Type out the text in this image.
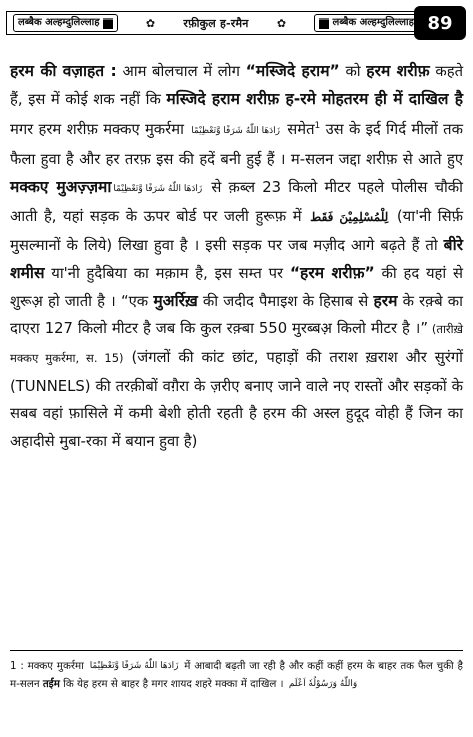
लब्बैक अल्हम्दुलिल्लाह	✿	रफ़ीकुल ह-रमैन	✿	लब्बैक अल्हम्दुलिल्लाह 89

हरम की वज़ाहत : आम बोलचाल में लोग “मस्जिदे हराम” को हरम शरीफ़ कहते हैं, इस में कोई शक नहीं कि मस्जिदे हराम शरीफ़ ह-रमे मोहतरम ही में दाखिल है मगर हरम शरीफ़ मक्कए मुकर्रमा زَادَهَا اللّٰهُ شَرَفًا وَّتَعْظِيْمًا समेत$^1$ उस के इर्द गिर्द मीलों तक फैला हुवा है और हर तरफ़ इस की हदें बनी हुई हैं । म-सलन जद्दा शरीफ़ से आते हुए मक्कए मुअज़्ज़मा زَادَهَا اللّٰهُ شَرَفًا وَّتَعْظِيْمًا से क़ब्ल 23 किलो मीटर पहले पोलीस चौकी आती है, यहां सड़क के ऊपर बोर्ड पर जली हुरूफ़ में لِلْمُسْلِمِيْنَ فَقَط (या'नी सिर्फ़ मुसल्मानों के लिये) लिखा हुवा है । इसी सड़क पर जब मज़ीद आगे बढ़ते हैं तो बीरे शमीस या'नी हुदैबिया का मक़ाम है, इस सम्त पर “हरम शरीफ़” की हद यहां से शुरूअ़ हो जाती है । “एक मुअर्रिख़ की जदीद पैमाइश के हिसाब से हरम के रक़्बे का दाएरा 127 किलो मीटर है जब कि कुल रक़्बा 550 मुरब्बअ़ किलो मीटर है ।” (तारीख़े मक्कए मुकर्रमा, स. 15) (जंगलों की कांट छांट, पहाड़ों की तराश ख़राश और सुरंगों (TUNNELS) की तरक़ीबों वग़ैरा के ज़रीए बनाए जाने वाले नए रास्तों और सड़कों के सबब वहां फ़ासिले में कमी बेशी होती रहती है हरम की अस्ल हुदूद वोही हैं जिन का अहादीसे मुबा-रका में बयान हुवा है)

1 : मक्कए मुकर्रमा زَادَهَا اللّٰهُ شَرَفًا وَّتَعْظِيْمًا में आबादी बढ़ती जा रही है और कहीं कहीं हरम के बाहर तक फैल चुकी है म-सलन तर्ईम कि येह हरम से बाहर है मगर शायद शहरे मक्का में दाखिल । وَاللّٰهُ وَرَسُوْلُهٗ اَعْلَم
